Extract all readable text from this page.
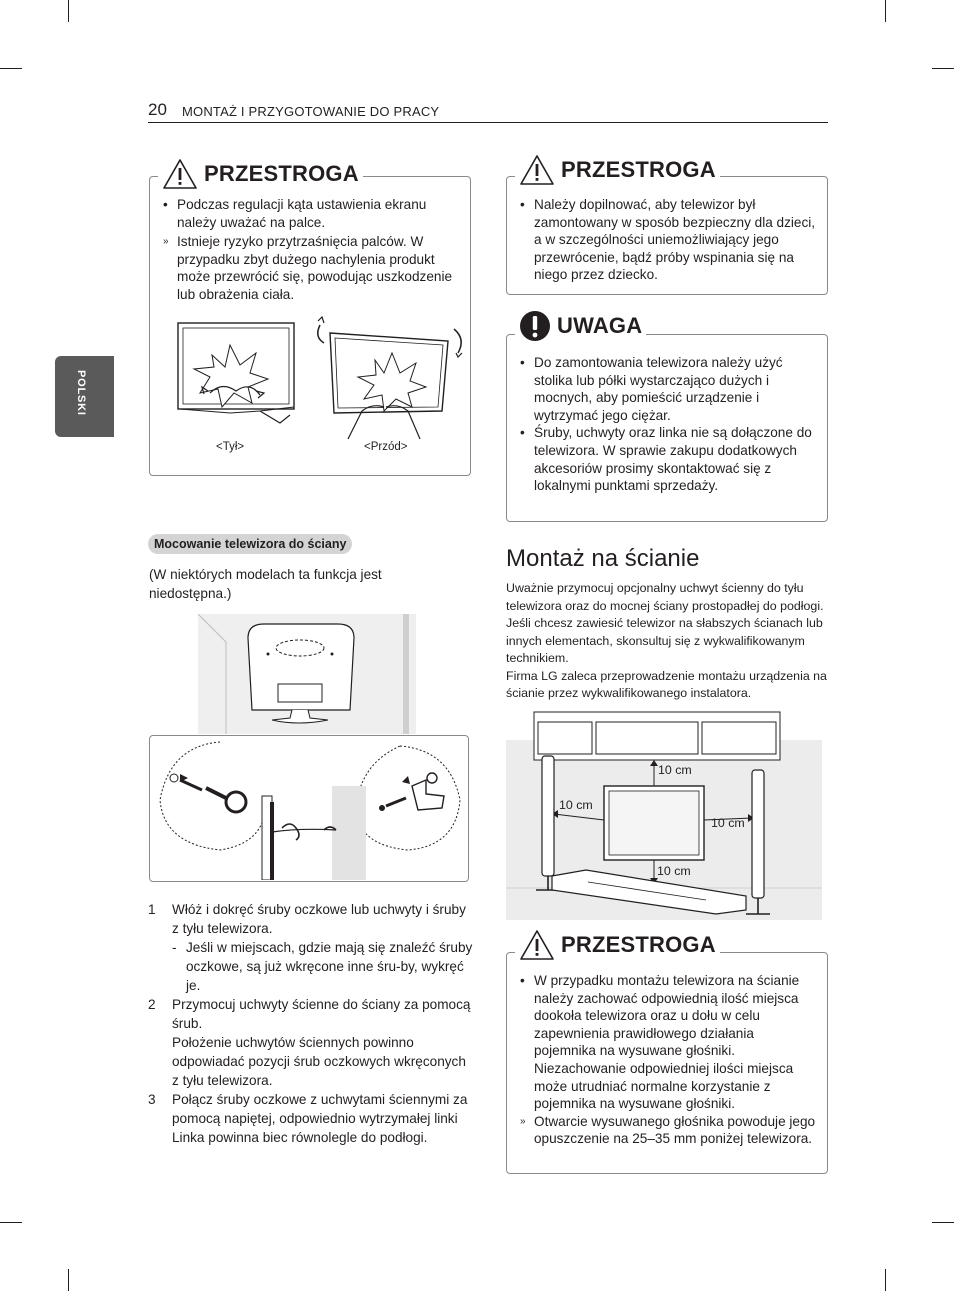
20 MONTAŻ I PRZYGOTOWANIE DO PRACY
POLSKI
PRZESTROGA
• Podczas regulacji kąta ustawienia ekranu należy uważać na palce.
» Istnieje ryzyko przytrzaśnięcia palców. W przypadku zbyt dużego nachylenia produkt może przewrócić się, powodując uszkodzenie lub obrażenia ciała.
<Tył>	<Przód>
Mocowanie telewizora do ściany
(W niektórych modelach ta funkcja jest niedostępna.)
1 Włóż i dokręć śruby oczkowe lub uchwyty i śruby z tyłu telewizora.
- Jeśli w miejscach, gdzie mają się znaleźć śruby oczkowe, są już wkręcone inne śru-by, wykręć je.
2 Przymocuj uchwyty ścienne do ściany za pomocą śrub.
Położenie uchwytów ściennych powinno odpowiadać pozycji śrub oczkowych wkręconych z tyłu telewizora.
3 Połącz śruby oczkowe z uchwytami ściennymi za pomocą napiętej, odpowiednio wytrzymałej linki Linka powinna biec równolegle do podłogi.
PRZESTROGA
• Należy dopilnować, aby telewizor był zamontowany w sposób bezpieczny dla dzieci, a w szczególności uniemożliwiający jego przewrócenie, bądź próby wspinania się na niego przez dziecko.
UWAGA
• Do zamontowania telewizora należy użyć stolika lub półki wystarczająco dużych i mocnych, aby pomieścić urządzenie i wytrzymać jego ciężar.
• Śruby, uchwyty oraz linka nie są dołączone do telewizora. W sprawie zakupu dodatkowych akcesoriów prosimy skontaktować się z lokalnymi punktami sprzedaży.
Montaż na ścianie
Uważnie przymocuj opcjonalny uchwyt ścienny do tyłu telewizora oraz do mocnej ściany prostopadłej do podłogi. Jeśli chcesz zawiesić telewizor na słabszych ścianach lub innych elementach, skonsultuj się z wykwalifikowanym technikiem.
Firma LG zaleca przeprowadzenie montażu urządzenia na ścianie przez wykwalifikowanego instalatora.
10 cm
10 cm
10 cm
10 cm
PRZESTROGA
• W przypadku montażu telewizora na ścianie należy zachować odpowiednią ilość miejsca dookoła telewizora oraz u dołu w celu zapewnienia prawidłowego działania pojemnika na wysuwane głośniki. Niezachowanie odpowiedniej ilości miejsca może utrudniać normalne korzystanie z pojemnika na wysuwane głośniki.
» Otwarcie wysuwanego głośnika powoduje jego opuszczenie na 25–35 mm poniżej telewizora.
